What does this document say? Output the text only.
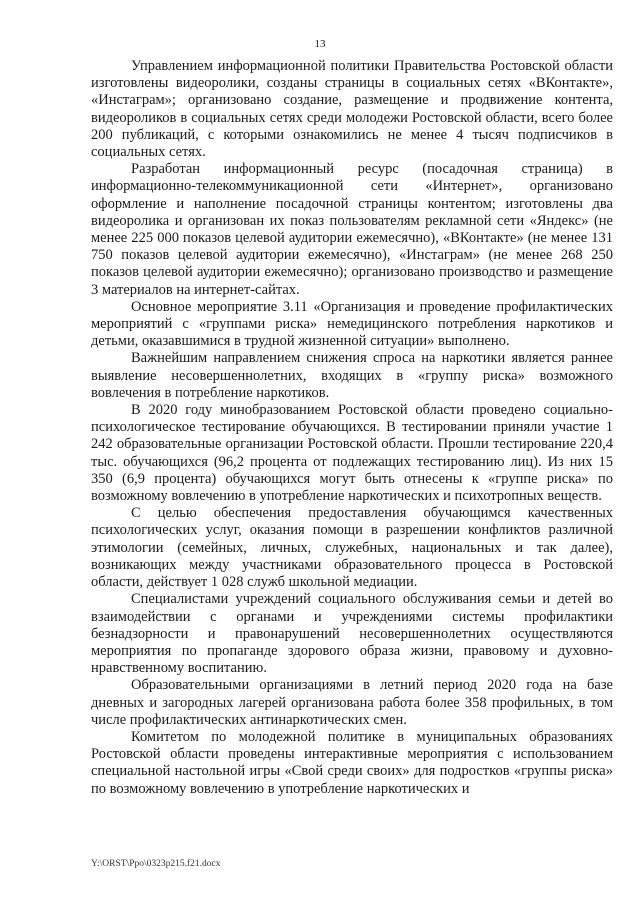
13

Управлением информационной политики Правительства Ростовской области изготовлены видеоролики, созданы страницы в социальных сетях «ВКонтакте», «Инстаграм»; организовано создание, размещение и продвижение контента, видеороликов в социальных сетях среди молодежи Ростовской области, всего более 200 публикаций, с которыми ознакомились не менее 4 тысяч подписчиков в социальных сетях.

Разработан информационный ресурс (посадочная страница) в информационно-телекоммуникационной сети «Интернет», организовано оформление и наполнение посадочной страницы контентом; изготовлены два видеоролика и организован их показ пользователям рекламной сети «Яндекс» (не менее 225 000 показов целевой аудитории ежемесячно), «ВКонтакте» (не менее 131 750 показов целевой аудитории ежемесячно), «Инстаграм» (не менее 268 250 показов целевой аудитории ежемесячно); организовано производство и размещение 3 материалов на интернет-сайтах.

Основное мероприятие 3.11 «Организация и проведение профилактических мероприятий с «группами риска» немедицинского потребления наркотиков и детьми, оказавшимися в трудной жизненной ситуации» выполнено.

Важнейшим направлением снижения спроса на наркотики является раннее выявление несовершеннолетних, входящих в «группу риска» возможного вовлечения в потребление наркотиков.

В 2020 году минобразованием Ростовской области проведено социально-психологическое тестирование обучающихся. В тестировании приняли участие 1 242 образовательные организации Ростовской области. Прошли тестирование 220,4 тыс. обучающихся (96,2 процента от подлежащих тестированию лиц). Из них 15 350 (6,9 процента) обучающихся могут быть отнесены к «группе риска» по возможному вовлечению в употребление наркотических и психотропных веществ.

С целью обеспечения предоставления обучающимся качественных психологических услуг, оказания помощи в разрешении конфликтов различной этимологии (семейных, личных, служебных, национальных и так далее), возникающих между участниками образовательного процесса в Ростовской области, действует 1 028 служб школьной медиации.

Специалистами учреждений социального обслуживания семьи и детей во взаимодействии с органами и учреждениями системы профилактики безнадзорности и правонарушений несовершеннолетних осуществляются мероприятия по пропаганде здорового образа жизни, правовому и духовно-нравственному воспитанию.

Образовательными организациями в летний период 2020 года на базе дневных и загородных лагерей организована работа более 358 профильных, в том числе профилактических антинаркотических смен.

Комитетом по молодежной политике в муниципальных образованиях Ростовской области проведены интерактивные мероприятия с использованием специальной настольной игры «Свой среди своих» для подростков «группы риска» по возможному вовлечению в употребление наркотических и

Y:\ORST\Ppo\0323p215.f21.docx
